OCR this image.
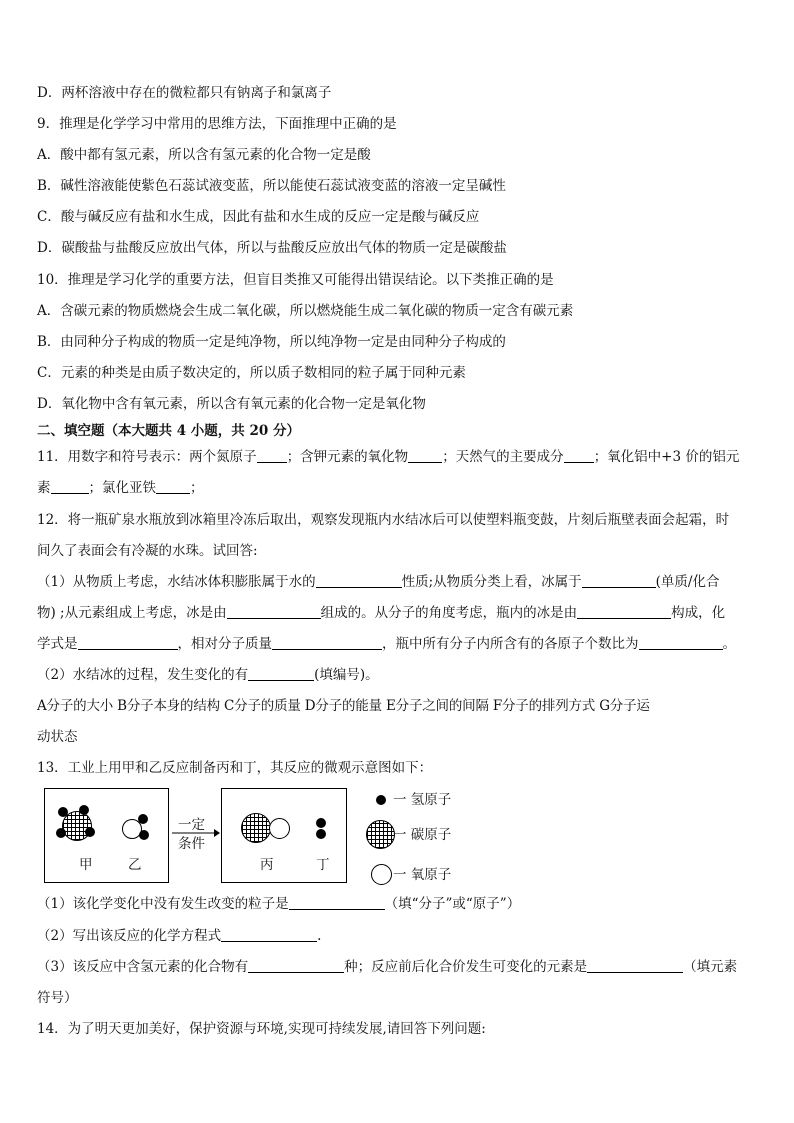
D．两杯溶液中存在的微粒都只有钠离子和氯离子
9．推理是化学学习中常用的思维方法，下面推理中正确的是
A．酸中都有氢元素，所以含有氢元素的化合物一定是酸
B．碱性溶液能使紫色石蕊试液变蓝，所以能使石蕊试液变蓝的溶液一定呈碱性
C．酸与碱反应有盐和水生成，因此有盐和水生成的反应一定是酸与碱反应
D．碳酸盐与盐酸反应放出气体，所以与盐酸反应放出气体的物质一定是碳酸盐
10．推理是学习化学的重要方法，但盲目类推又可能得出错误结论。以下类推正确的是
A．含碳元素的物质燃烧会生成二氧化碳，所以燃烧能生成二氧化碳的物质一定含有碳元素
B．由同种分子构成的物质一定是纯净物，所以纯净物一定是由同种分子构成的
C．元素的种类是由质子数决定的，所以质子数相同的粒子属于同种元素
D．氧化物中含有氧元素，所以含有氧元素的化合物一定是氧化物
二、填空题（本大题共 4 小题，共 20 分）
11．用数字和符号表示：两个氮原子 ；含钾元素的氧化物	；天然气的主要成分 ；氧化铝中+3 价的铝元
素	；氯化亚铁	；
12．将一瓶矿泉水瓶放到冰箱里冷冻后取出，观察发现瓶内水结冰后可以使塑料瓶变鼓，片刻后瓶壁表面会起霜，时
间久了表面会有冷凝的水珠。试回答:
（1）从物质上考虑，水结冰体积膨胀属于水的	性质;从物质分类上看，冰属于	(单质/化合
物) ;从元素组成上考虑，冰是由	组成的。从分子的角度考虑，瓶内的冰是由	构成，化
学式是	，相对分子质量	，瓶中所有分子内所含有的各原子个数比为	。
（2）水结冰的过程，发生变化的有	(填编号)。
A分子的大小 B分子本身的结构 C分子的质量 D分子的能量 E分子之间的间隔 F分子的排列方式 G分子运
动状态
13．工业上用甲和乙反应制备丙和丁，其反应的微观示意图如下：
甲	乙
一定
条件
丙	丁
一 氢原子
一 碳原子
一 氧原子
（1）该化学变化中没有发生改变的粒子是	（填“分子”或“原子”）
（2）写出该反应的化学方程式	.
（3）该反应中含氢元素的化合物有	种；反应前后化合价发生可变化的元素是	（填元素
符号）
14．为了明天更加美好，保护资源与环境,实现可持续发展,请回答下列问题:
